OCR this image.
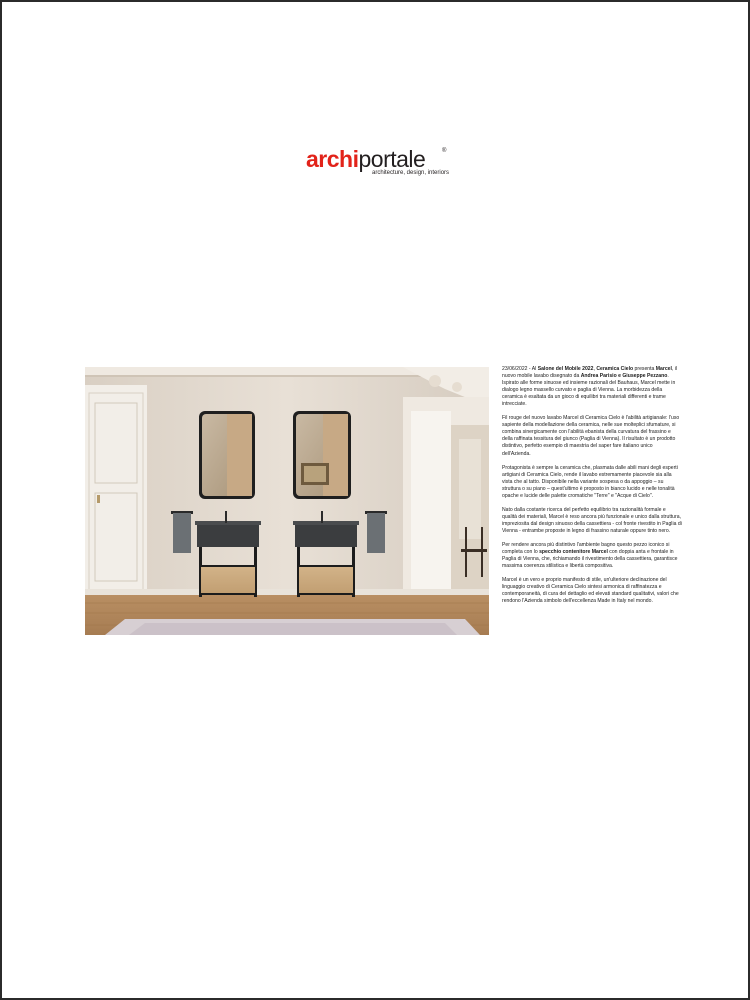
archiportale	®
architecture, design, interiors

23/06/2022 - Al Salone del Mobile 2022, Ceramica Cielo presenta Marcel, il nuovo mobile lavabo disegnato da Andrea Parisio e Giuseppe Pezzano. Ispirato alle forme sinuose ed insieme razionali del Bauhaus, Marcel mette in dialogo legno massello curvato e paglia di Vienna. La morbidezza della ceramica è esaltata da un gioco di equilibri tra materiali differenti e trame intrecciate.

Fil rouge del nuovo lavabo Marcel di Ceramica Cielo è l'abilità artigianale: l'uso sapiente della modellazione della ceramica, nelle sue molteplici sfumature, si combina sinergicamente con l'abilità ebanista della curvatura del frassino e della raffinata tessitura del giunco (Paglia di Vienna). Il risultato è un prodotto distintivo, perfetto esempio di maestria del saper fare italiano unico dell'Azienda.

Protagonista è sempre la ceramica che, plasmata dalle abili mani degli esperti artigiani di Ceramica Cielo, rende il lavabo estremamente piacevole sia alla vista che al tatto. Disponibile nella variante sospesa o da appoggio – su struttura o su piano – quest'ultimo è proposto in bianco lucido e nelle tonalità opache e lucide delle palette cromatiche "Terre" e "Acque di Cielo".

Nato dalla costante ricerca del perfetto equilibrio tra razionalità formale e qualità dei materiali, Marcel è reso ancora più funzionale e unico dalla struttura, impreziosita dal design sinuoso della cassettiera - col fronte rivestito in Paglia di Vienna - entrambe proposte in legno di frassino naturale oppure tinto nero.

Per rendere ancora più distintivo l'ambiente bagno questo pezzo iconico si completa con lo specchio contenitore Marcel con doppia anta e frontale in Paglia di Vienna, che, richiamando il rivestimento della cassettiera, garantisce massima coerenza stilistica e libertà compositiva.

Marcel è un vero e proprio manifesto di stile, un'ulteriore declinazione del linguaggio creativo di Ceramica Cielo sintesi armonica di raffinatezza e contemporaneità, di cura del dettaglio ed elevati standard qualitativi, valori che rendono l'Azienda simbolo dell'eccellenza Made in Italy nel mondo.
